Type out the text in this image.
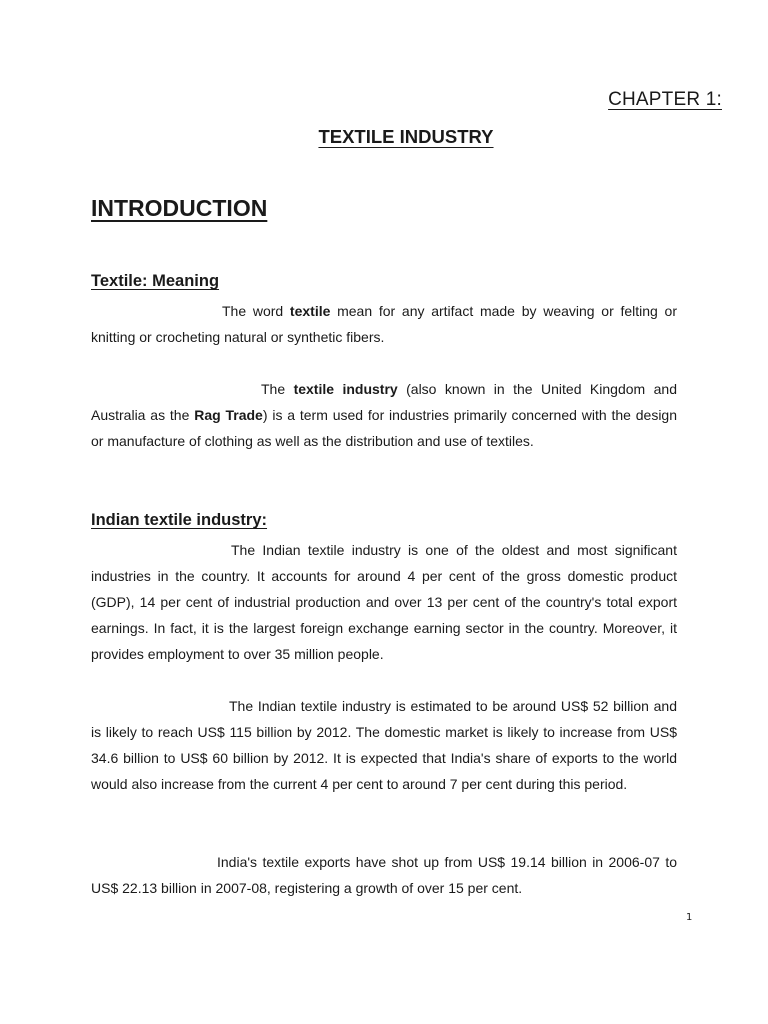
CHAPTER 1:
TEXTILE INDUSTRY
INTRODUCTION
Textile: Meaning
The word textile mean for any artifact made by weaving or felting or knitting or crocheting natural or synthetic fibers.
The textile industry (also known in the United Kingdom and Australia as the Rag Trade) is a term used for industries primarily concerned with the design or manufacture of clothing as well as the distribution and use of textiles.
Indian textile industry:
The Indian textile industry is one of the oldest and most significant industries in the country. It accounts for around 4 per cent of the gross domestic product (GDP), 14 per cent of industrial production and over 13 per cent of the country's total export earnings. In fact, it is the largest foreign exchange earning sector in the country. Moreover, it provides employment to over 35 million people.
The Indian textile industry is estimated to be around US$ 52 billion and is likely to reach US$ 115 billion by 2012. The domestic market is likely to increase from US$ 34.6 billion to US$ 60 billion by 2012. It is expected that India's share of exports to the world would also increase from the current 4 per cent to around 7 per cent during this period.
India's textile exports have shot up from US$ 19.14 billion in 2006-07 to US$ 22.13 billion in 2007-08, registering a growth of over 15 per cent.
1
